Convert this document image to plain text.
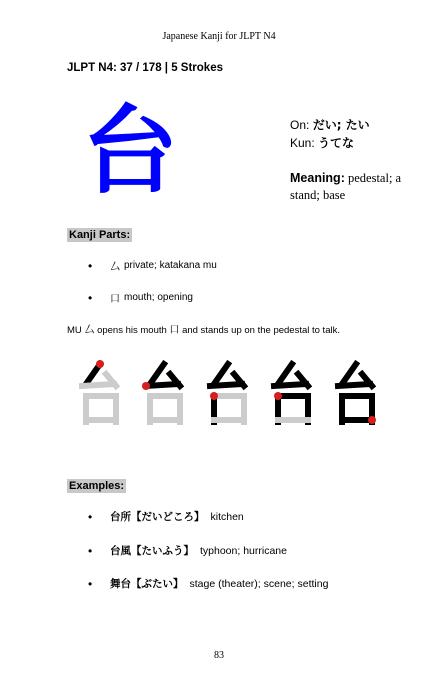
Japanese Kanji for JLPT N4
JLPT N4: 37 / 178 | 5 Strokes
台	On: だい; たい
Kun: うてな
Meaning: pedestal; a stand; base
Kanji Parts:
•	厶 private; katakana mu
•	口 mouth; opening
MU 厶 opens his mouth 口 and stands up on the pedestal to talk.
Examples:
•	台所【だいどころ】 kitchen
•	台風【たいふう】 typhoon; hurricane
•	舞台【ぶたい】 stage (theater); scene; setting
83
